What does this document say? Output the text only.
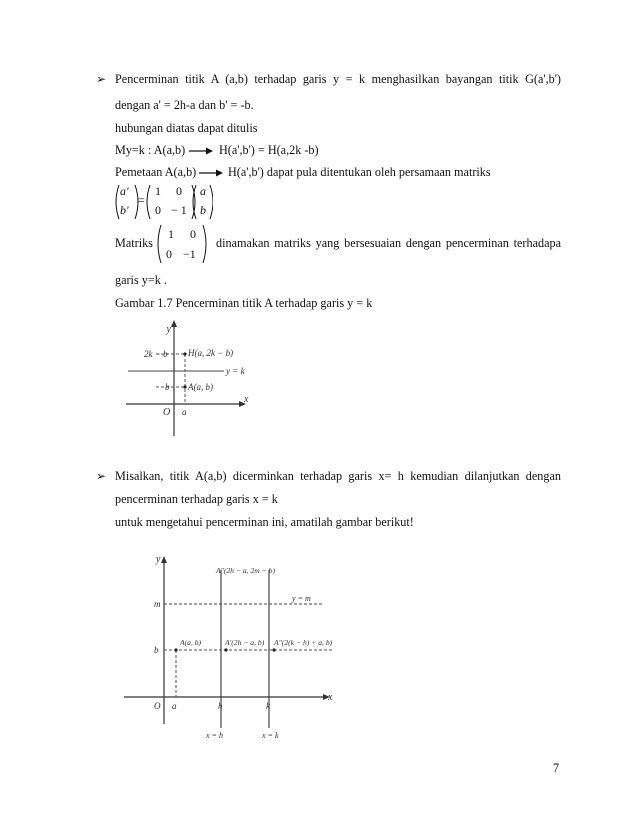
➢ Pencerminan titik A (a,b) terhadap garis y = k menghasilkan bayangan titik G(a',b')
dengan a' = 2h-a dan b' = -b.
hubungan diatas dapat ditulis
My=k : A(a,b)	H(a',b') = H(a,2k -b)
Pemetaan A(a,b)	H(a',b') dapat pula ditentukan oleh persamaan matriks
a'
b'
=
1 0
0 − 1
a
b
Matriks
1 0
0 −1
dinamakan matriks yang bersesuaian dengan pencerminan terhadapa
garis y=k .
Gambar 1.7 Pencerminan titik A terhadap garis y = k
y
x
O a
b
2k − b H(a, 2k − b)
A(a, b)
y = k
➢ Misalkan, titik A(a,b) dicerminkan terhadap garis x= h kemudian dilanjutkan dengan
pencerminan terhadap garis x = k
untuk mengetahui pencerminan ini, amatilah gambar berikut!
y
x
O a	h	k
m
b
A"(2h − a, 2m − b)
A(a, b)	A'(2h − a, b) A"(2(k − h) + a, b)
y = m
x = h	x = k
7
